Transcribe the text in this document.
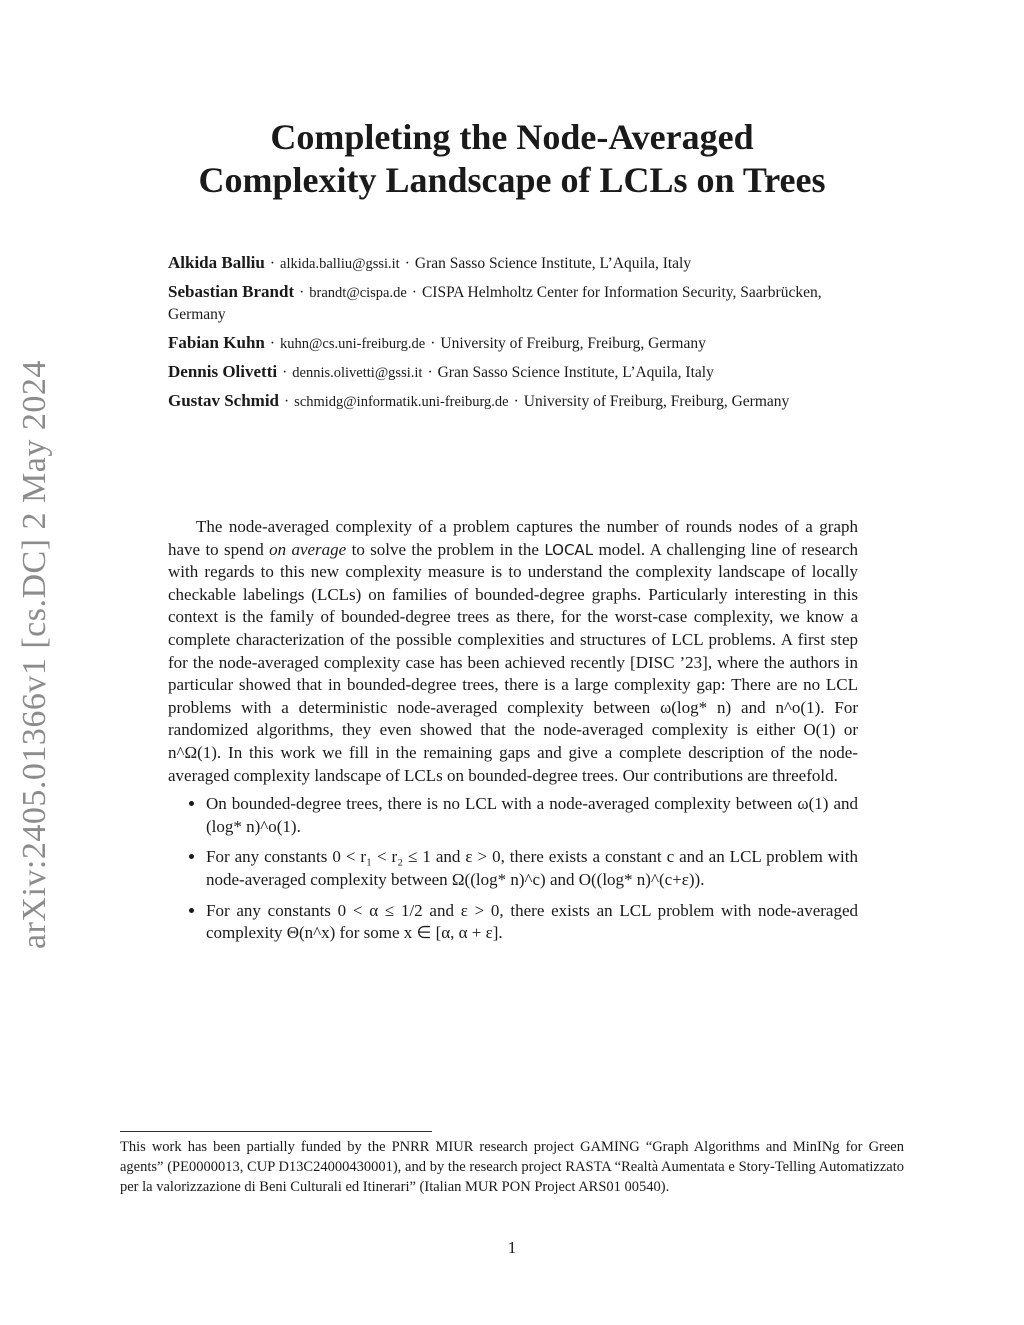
arXiv:2405.01366v1 [cs.DC] 2 May 2024
Completing the Node-Averaged
Complexity Landscape of LCLs on Trees
Alkida Balliu · alkida.balliu@gssi.it · Gran Sasso Science Institute, L’Aquila, Italy
Sebastian Brandt · brandt@cispa.de · CISPA Helmholtz Center for Information Security, Saarbrücken, Germany
Fabian Kuhn · kuhn@cs.uni-freiburg.de · University of Freiburg, Freiburg, Germany
Dennis Olivetti · dennis.olivetti@gssi.it · Gran Sasso Science Institute, L’Aquila, Italy
Gustav Schmid · schmidg@informatik.uni-freiburg.de · University of Freiburg, Freiburg, Germany

The node-averaged complexity of a problem captures the number of rounds nodes of a graph have to spend on average to solve the problem in the LOCAL model. A challenging line of research with regards to this new complexity measure is to understand the complexity landscape of locally checkable labelings (LCLs) on families of bounded-degree graphs. Particularly interesting in this context is the family of bounded-degree trees as there, for the worst-case complexity, we know a complete characterization of the possible complexities and structures of LCL problems. A first step for the node-averaged complexity case has been achieved recently [DISC ’23], where the authors in particular showed that in bounded-degree trees, there is a large complexity gap: There are no LCL problems with a deterministic node-averaged complexity between ω(log* n) and n^o(1). For randomized algorithms, they even showed that the node-averaged complexity is either O(1) or n^Ω(1). In this work we fill in the remaining gaps and give a complete description of the node-averaged complexity landscape of LCLs on bounded-degree trees. Our contributions are threefold.

• On bounded-degree trees, there is no LCL with a node-averaged complexity between ω(1) and (log* n)^o(1).
• For any constants 0 < r₁ < r₂ ≤ 1 and ε > 0, there exists a constant c and an LCL problem with node-averaged complexity between Ω((log* n)^c) and O((log* n)^(c+ε)).
• For any constants 0 < α ≤ 1/2 and ε > 0, there exists an LCL problem with node-averaged complexity Θ(n^x) for some x ∈ [α, α + ε].
This work has been partially funded by the PNRR MIUR research project GAMING “Graph Algorithms and MinINg for Green agents” (PE0000013, CUP D13C24000430001), and by the research project RASTA “Realtà Aumentata e Story-Telling Automatizzato per la valorizzazione di Beni Culturali ed Itinerari” (Italian MUR PON Project ARS01 00540).
1
